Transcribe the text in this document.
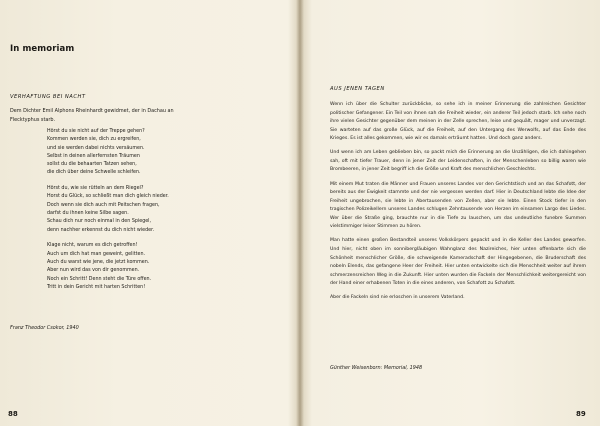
In memoriam
VERHAFTUNG BEI NACHT
Dem Dichter Emil Alphons Rheinhardt gewidmet, der in Dachau an
Flecktyphus starb.
Hörst du sie nicht auf der Treppe gehen?
Kommen werden sie, dich zu ergreifen,
und sie werden dabei nichts versäumen.
Selbst in deinen allerfernsten Träumen
sollst du die behaarten Tatzen sehen,
die dich über deine Schwelle schleifen.
Hörst du, wie sie rütteln an dem Riegel?
Horst du Glück, so schließt man dich gleich nieder.
Doch wenn sie dich auch mit Peitschen fragen,
darfst du ihnen keine Silbe sagen.
Schau dich nur noch einmal in den Spiegel,
denn nachher erkennst du dich nicht wieder.
Klage nicht, warum es dich getroffen!
Auch um dich hat man geweint, gelitten.
Auch du warst wie jene, die jetzt kommen.
Aber nun wird das von dir genommen.
Noch ein Schritt! Denn steht die Türe offen.
Tritt in dein Gericht mit harten Schritten!
Franz Theodor Csokor, 1940
88
AUS JENEN TAGEN

Wenn ich über die Schulter zurückblicke, so sehe ich in meiner Erinnerung die zahlreichen Gesichter politischer Gefangener. Ein Teil von ihnen sah die Freiheit wieder, ein anderer Teil jedoch starb. Ich sehe noch ihre vielen Gesichter gegenüber dem meinen in der Zelle sprechen, leise und gequält, mager und unverzagt. Sie warteten auf das große Glück, auf die Freiheit, auf den Untergang des Werwolfs, auf das Ende des Krieges. Es ist alles gekommen, wie wir es damals erträumt hatten. Und doch ganz anders.

Und wenn ich am Leben geblieben bin, so packt mich die Erinnerung an die Unzähligen, die ich dahingehen sah, oft mit tiefer Trauer, denn in jener Zeit der Leidenschaften, in der Menschenleben so billig waren wie Brombeeren, in jener Zeit begriff ich die Größe und Kraft des menschlichen Geschlechts.

Mit einem Mut traten die Männer und Frauen unseres Landes vor den Gerichtstisch und an das Schafott, der bereits aus der Ewigkeit stammte und der nie vergessen werden darf. Hier in Deutschland lebte die Idee der Freiheit ungebrochen, sie lebte in Abertausenden von Zellen, aber sie lebte. Einen Stock tiefer in den tragischen Polizeikellern unseres Landes schlugen Zehntausende von Herzen im einsamen Largo des Liedes. Wer über die Straße ging, brauchte nur in die Tiefe zu lauschen, um das undeutliche funebre Summen vielstimmiger leiser Stimmen zu hören.

Man hatte einen großen Bestandteil unseres Volkskörpers gepackt und in die Keller des Landes geworfen. Und hier, nicht oben im sonnibergläubigen Wahnglanz des Nazireiches, hier unten offenbarte sich die Schönheit menschlicher Größe, die schweigende Kameradschaft der Hingegebenen, die Bruderschaft des nobeln Elends, das gefangene Heer der Freiheit. Hier unten entwickelte sich die Menschheit weiter auf ihrem schmerzensreichen Weg in die Zukunft. Hier unten wurden die Fackeln der Menschlichkeit weitergereicht von der Hand einer erhabenen Toten in die eines anderen, von Schafott zu Schafott.

Aber die Fackeln sind nie erloschen in unserem Vaterland.

Günther Weisenborn: Memorial, 1948
89
